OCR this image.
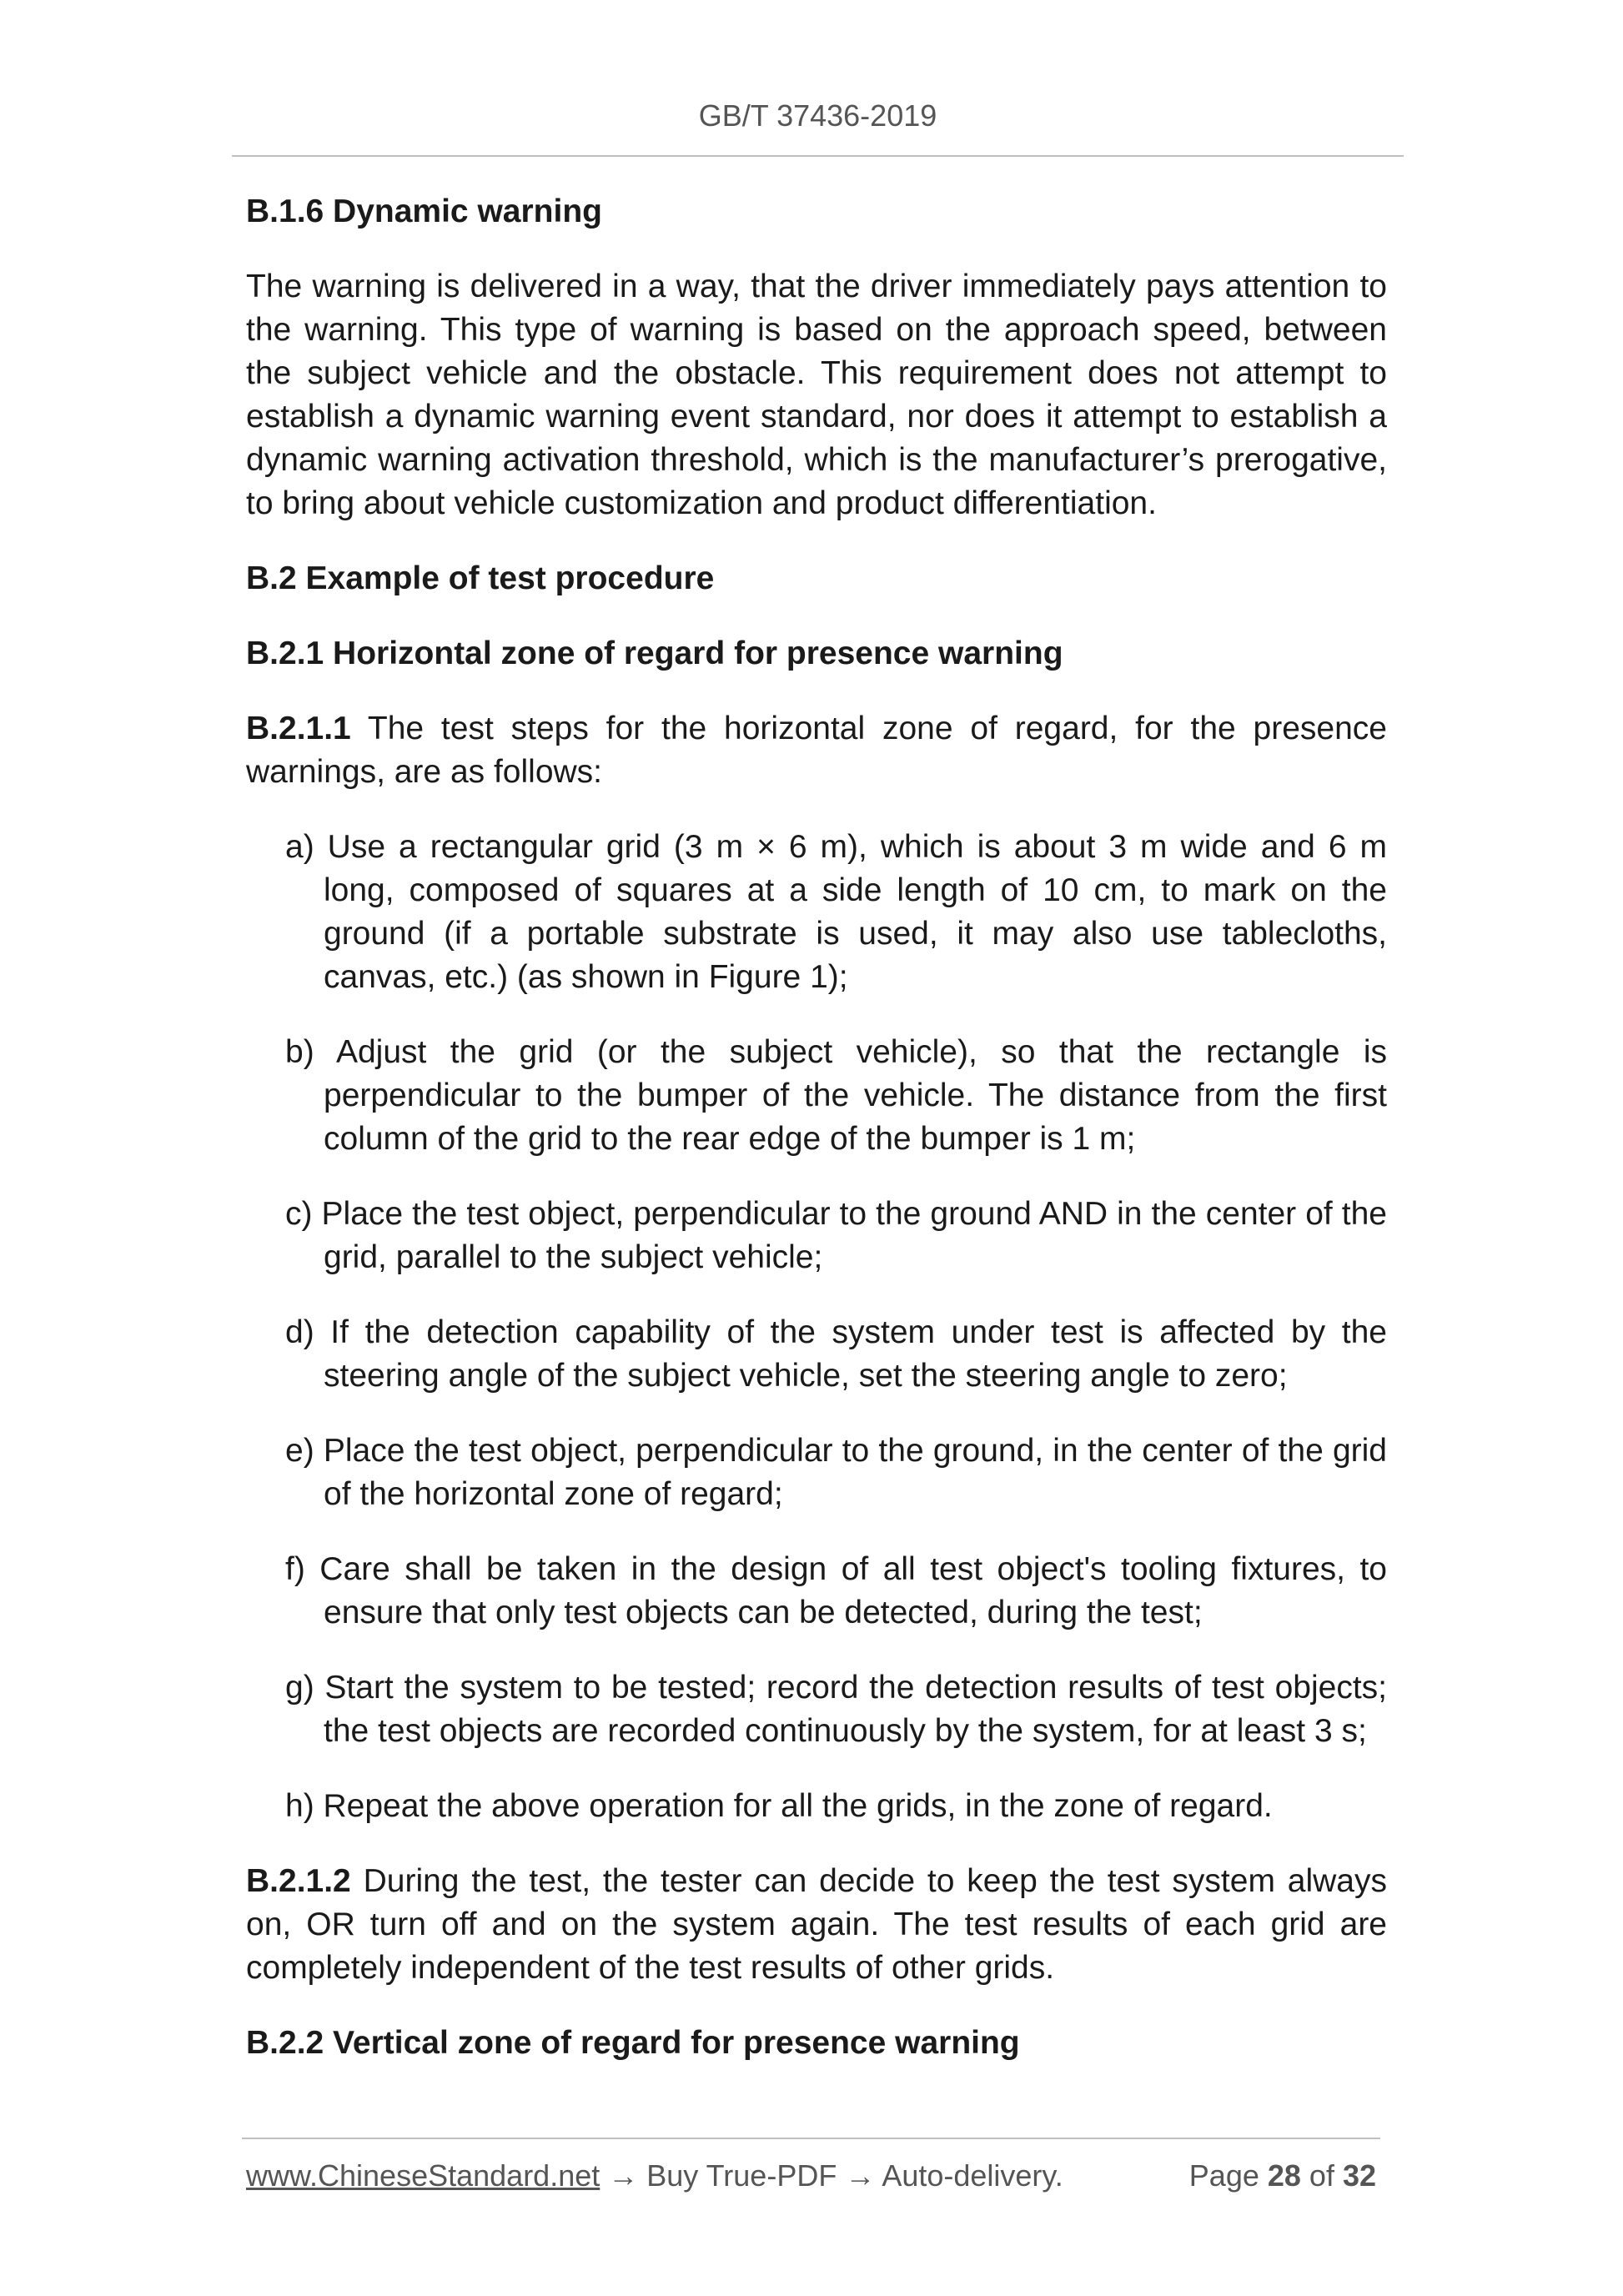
GB/T 37436-2019
B.1.6 Dynamic warning
The warning is delivered in a way, that the driver immediately pays attention to the warning. This type of warning is based on the approach speed, between the subject vehicle and the obstacle. This requirement does not attempt to establish a dynamic warning event standard, nor does it attempt to establish a dynamic warning activation threshold, which is the manufacturer’s prerogative, to bring about vehicle customization and product differentiation.
B.2 Example of test procedure
B.2.1 Horizontal zone of regard for presence warning
B.2.1.1 The test steps for the horizontal zone of regard, for the presence warnings, are as follows:
a) Use a rectangular grid (3 m × 6 m), which is about 3 m wide and 6 m long, composed of squares at a side length of 10 cm, to mark on the ground (if a portable substrate is used, it may also use tablecloths, canvas, etc.) (as shown in Figure 1);
b) Adjust the grid (or the subject vehicle), so that the rectangle is perpendicular to the bumper of the vehicle. The distance from the first column of the grid to the rear edge of the bumper is 1 m;
c) Place the test object, perpendicular to the ground AND in the center of the grid, parallel to the subject vehicle;
d) If the detection capability of the system under test is affected by the steering angle of the subject vehicle, set the steering angle to zero;
e) Place the test object, perpendicular to the ground, in the center of the grid of the horizontal zone of regard;
f) Care shall be taken in the design of all test object's tooling fixtures, to ensure that only test objects can be detected, during the test;
g) Start the system to be tested; record the detection results of test objects; the test objects are recorded continuously by the system, for at least 3 s;
h) Repeat the above operation for all the grids, in the zone of regard.
B.2.1.2 During the test, the tester can decide to keep the test system always on, OR turn off and on the system again. The test results of each grid are completely independent of the test results of other grids.
B.2.2 Vertical zone of regard for presence warning
www.ChineseStandard.net → Buy True-PDF → Auto-delivery.	Page 28 of 32
